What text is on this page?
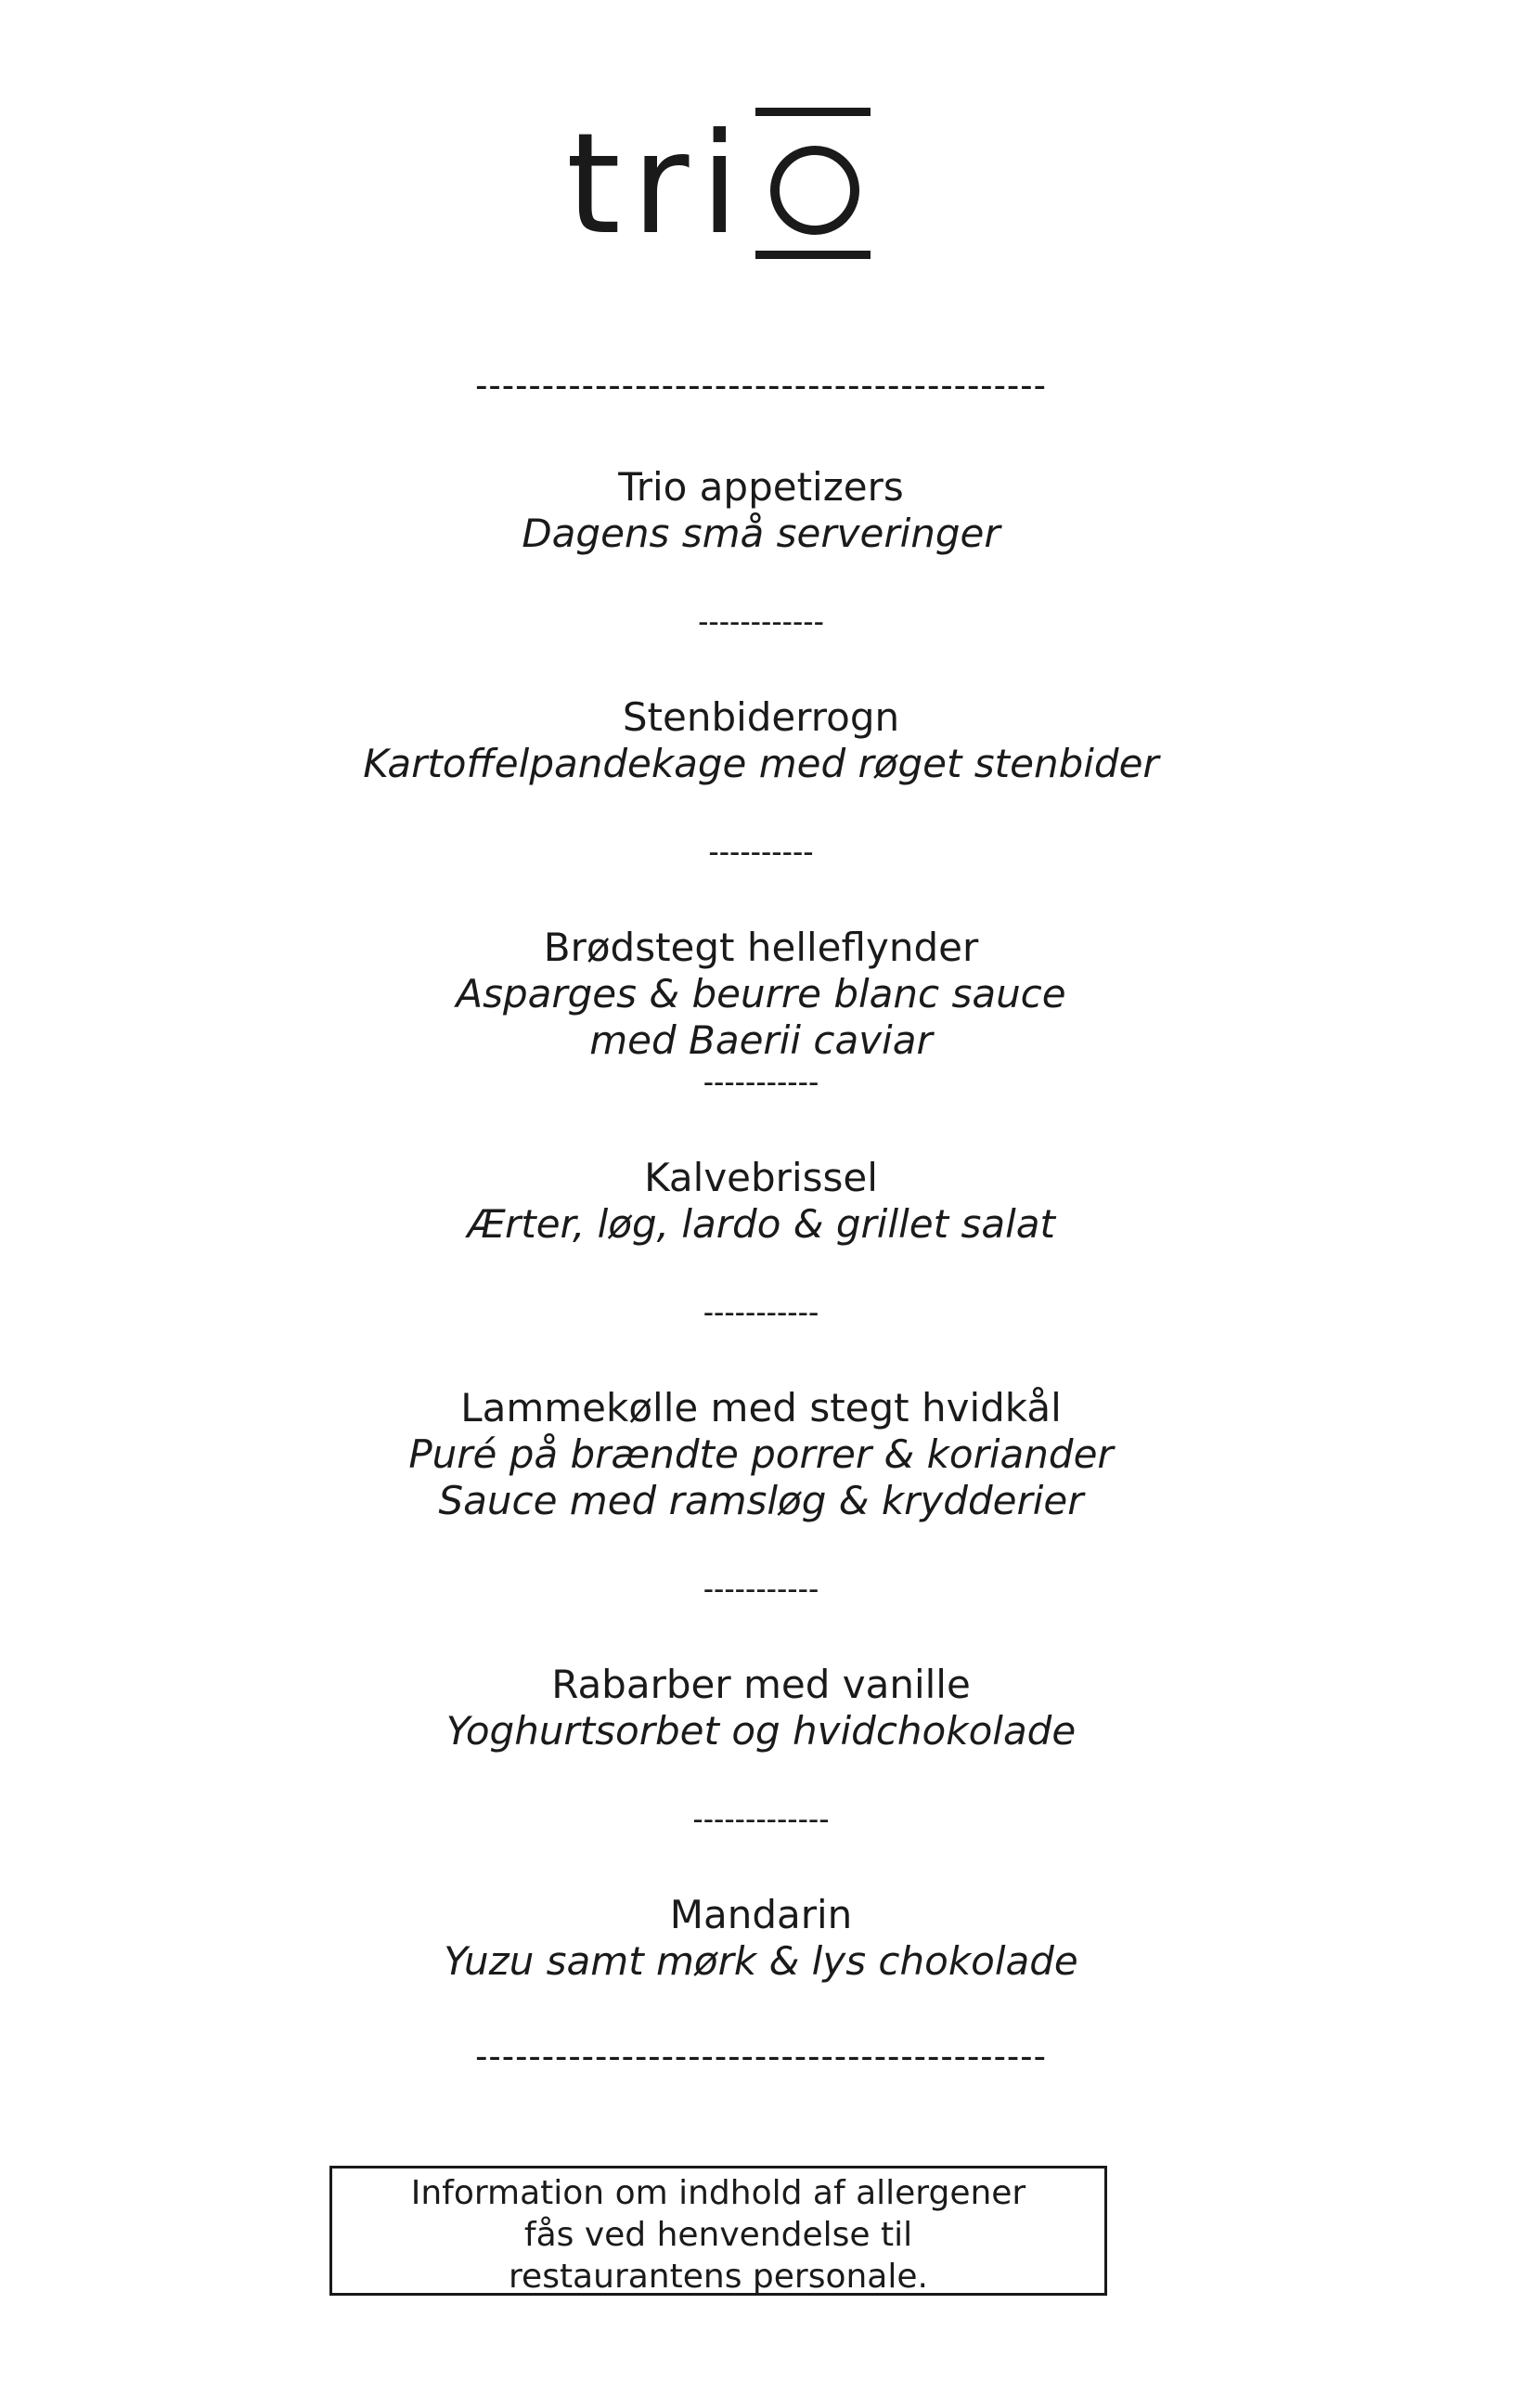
tri
-------------------------------------------
Trio appetizers
Dagens små serveringer
------------
Stenbiderrogn
Kartoffelpandekage med røget stenbider
----------
Brødstegt helleflynder
Asparges & beurre blanc sauce
med Baerii caviar
-----------
Kalvebrissel
Ærter, løg, lardo & grillet salat
-----------
Lammekølle med stegt hvidkål
Puré på brændte porrer & koriander
Sauce med ramsløg & krydderier
-----------
Rabarber med vanille
Yoghurtsorbet og hvidchokolade
-------------
Mandarin
Yuzu samt mørk & lys chokolade
-------------------------------------------
Information om indhold af allergener
fås ved henvendelse til
restaurantens personale.
